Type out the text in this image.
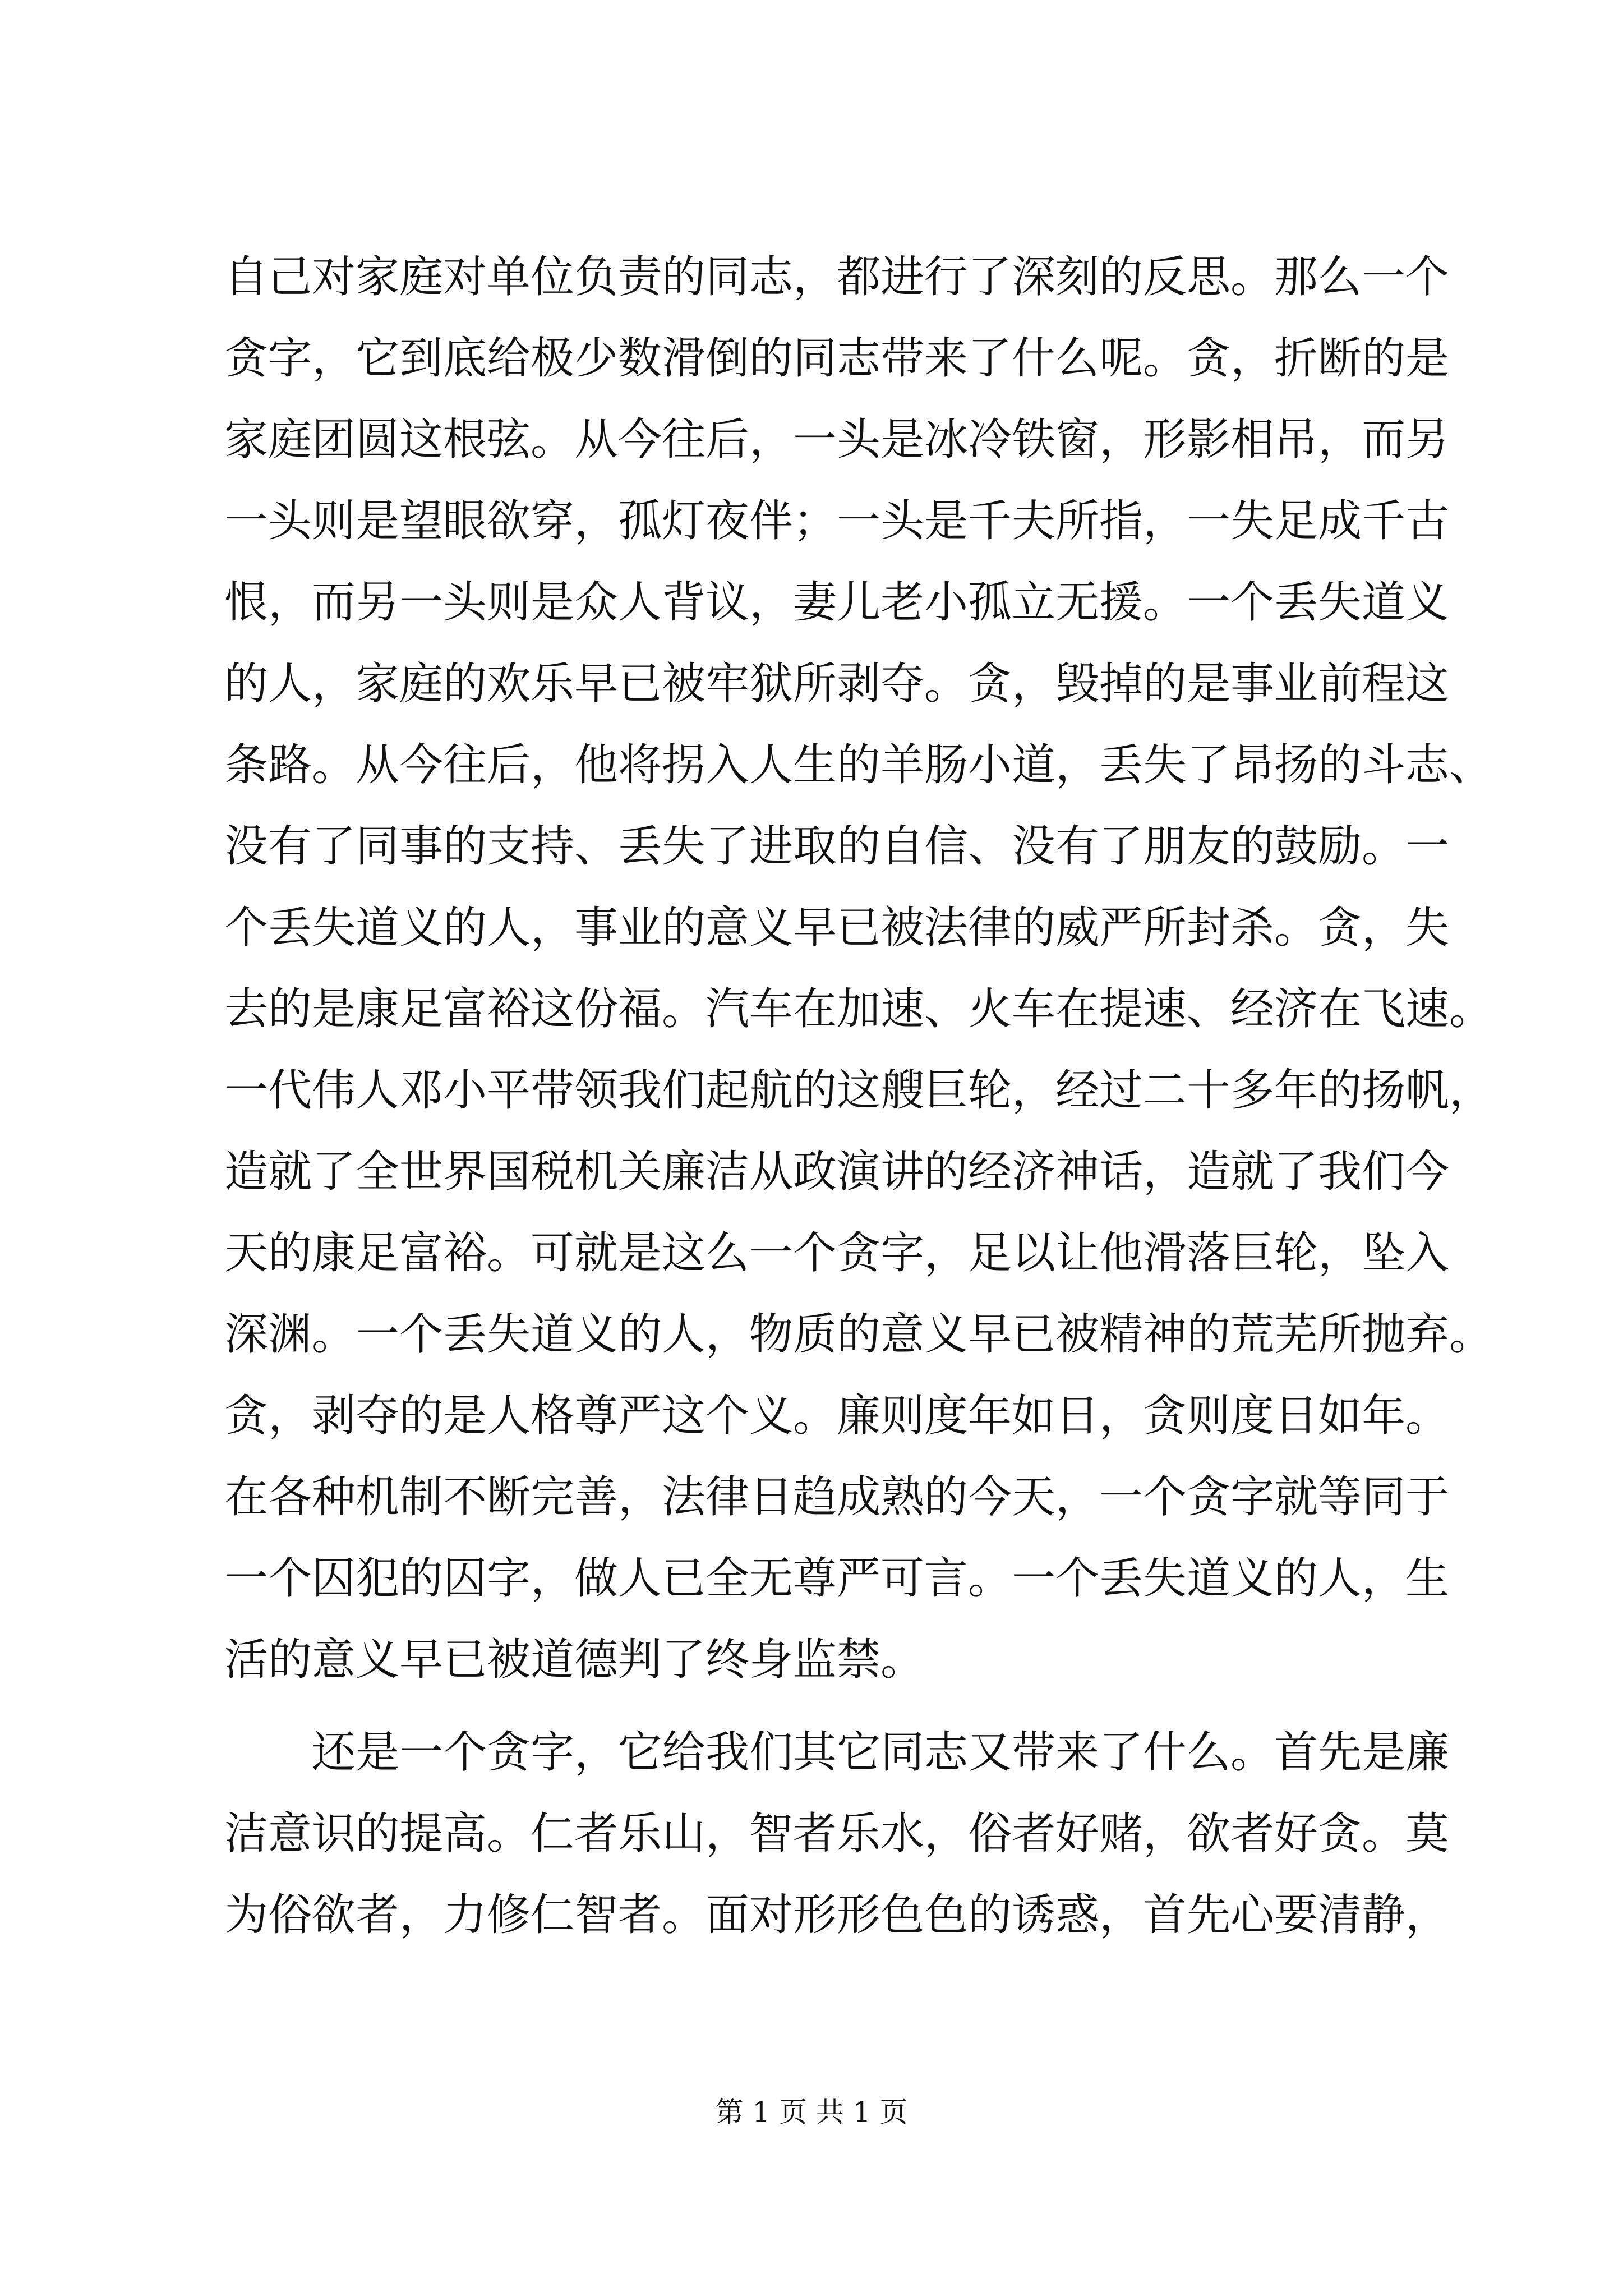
自己对家庭对单位负责的同志，都进行了深刻的反思。那么一个
贪字，它到底给极少数滑倒的同志带来了什么呢。贪，折断的是
家庭团圆这根弦。从今往后，一头是冰冷铁窗，形影相吊，而另
一头则是望眼欲穿，孤灯夜伴；一头是千夫所指，一失足成千古
恨，而另一头则是众人背议，妻儿老小孤立无援。一个丢失道义
的人，家庭的欢乐早已被牢狱所剥夺。贪，毁掉的是事业前程这
条路。从今往后，他将拐入人生的羊肠小道，丢失了昂扬的斗志、
没有了同事的支持、丢失了进取的自信、没有了朋友的鼓励。一
个丢失道义的人，事业的意义早已被法律的威严所封杀。贪，失
去的是康足富裕这份福。汽车在加速、火车在提速、经济在飞速。
一代伟人邓小平带领我们起航的这艘巨轮，经过二十多年的扬帆，
造就了全世界国税机关廉洁从政演讲的经济神话，造就了我们今
天的康足富裕。可就是这么一个贪字，足以让他滑落巨轮，坠入
深渊。一个丢失道义的人，物质的意义早已被精神的荒芜所抛弃。
贪，剥夺的是人格尊严这个义。廉则度年如日，贪则度日如年。
在各种机制不断完善，法律日趋成熟的今天，一个贪字就等同于
一个囚犯的囚字，做人已全无尊严可言。一个丢失道义的人，生
活的意义早已被道德判了终身监禁。
还是一个贪字，它给我们其它同志又带来了什么。首先是廉
洁意识的提高。仁者乐山，智者乐水，俗者好赌，欲者好贪。莫
为俗欲者，力修仁智者。面对形形色色的诱惑，首先心要清静，
第 1 页 共 1 页
